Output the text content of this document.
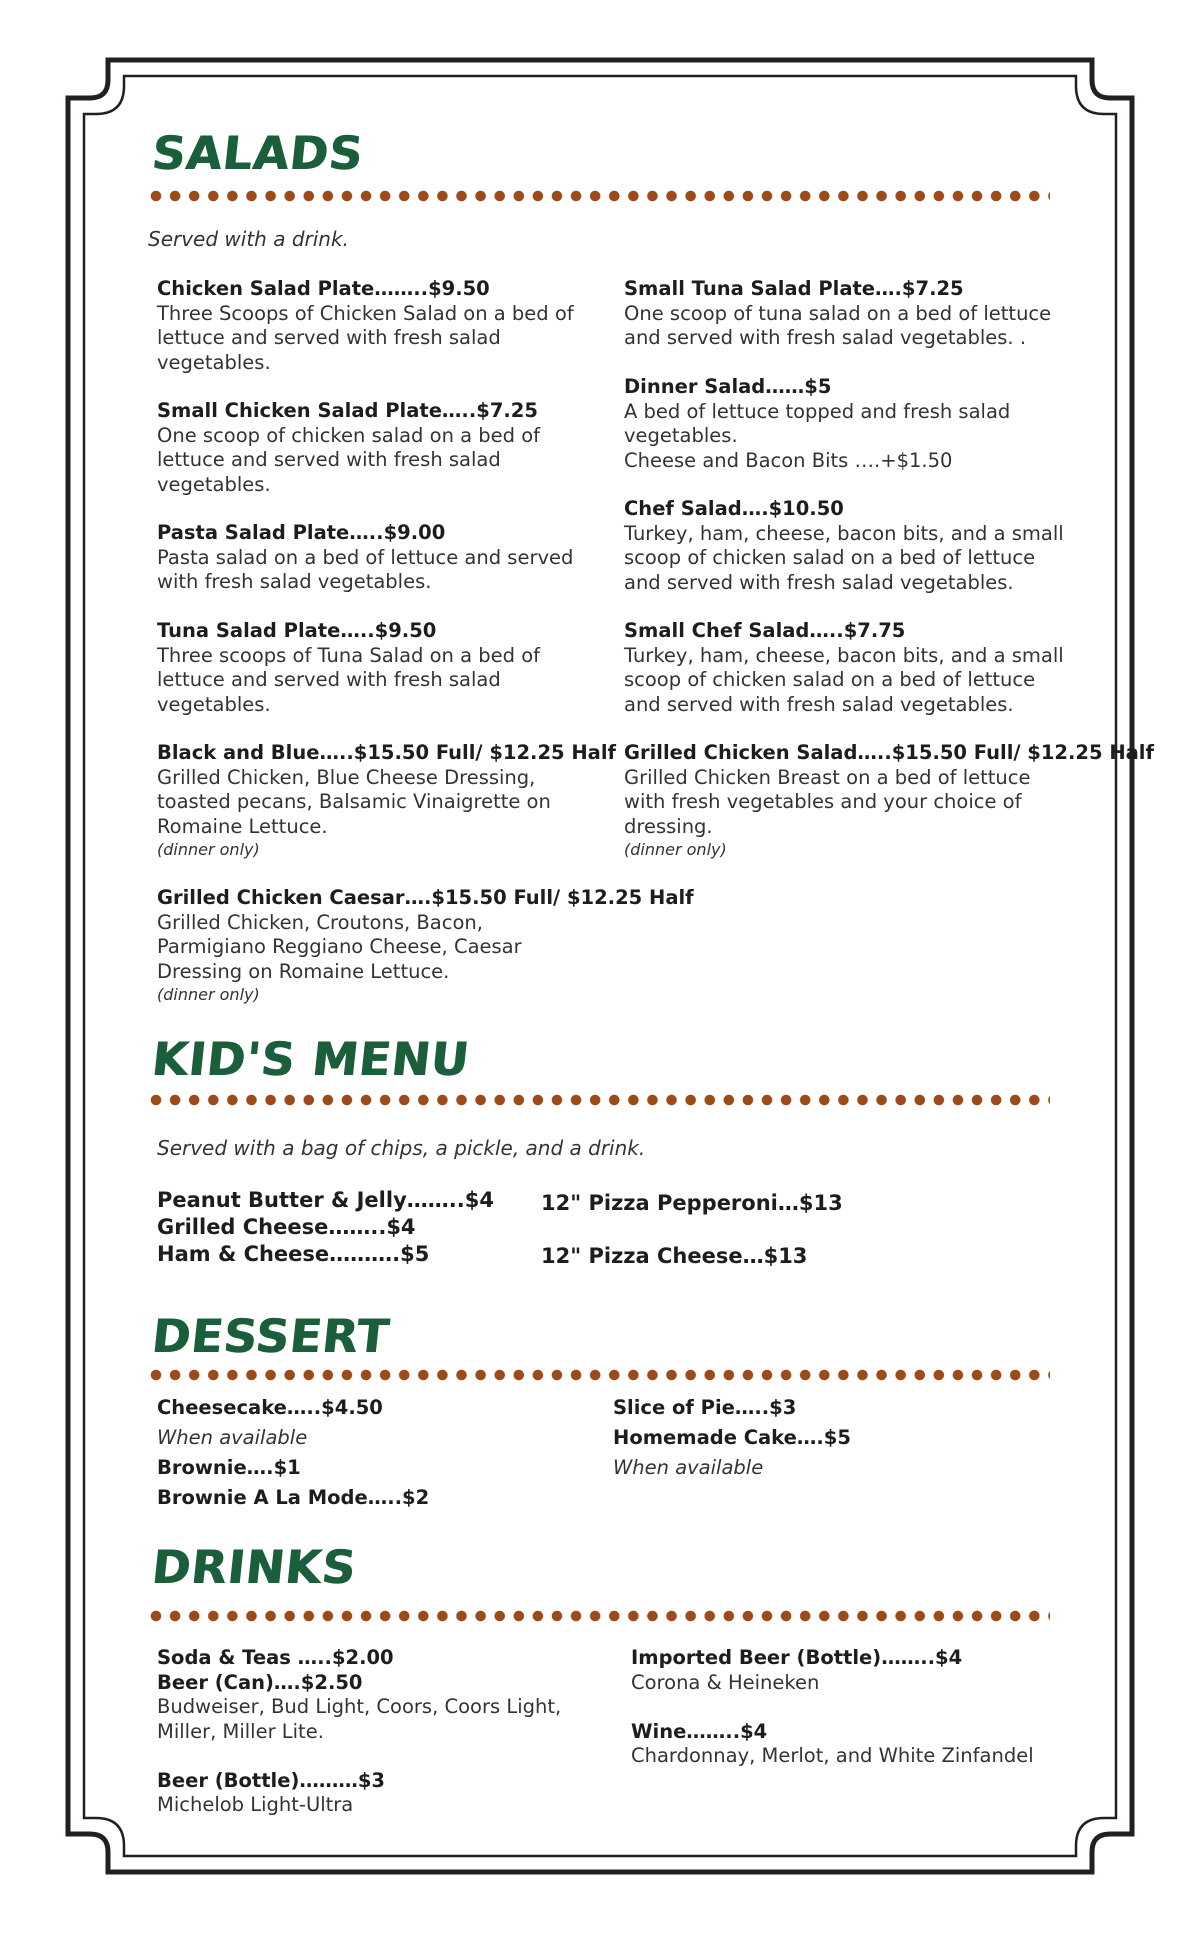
SALADS
Served with a drink.
Chicken Salad Plate……..$9.50
Three Scoops of Chicken Salad on a bed of
lettuce and served with fresh salad
vegetables.
Small Chicken Salad Plate…..$7.25
One scoop of chicken salad on a bed of
lettuce and served with fresh salad
vegetables.
Pasta Salad Plate…..$9.00
Pasta salad on a bed of lettuce and served
with fresh salad vegetables.
Tuna Salad Plate…..$9.50
Three scoops of Tuna Salad on a bed of
lettuce and served with fresh salad
vegetables.
Black and Blue…..$15.50 Full/ $12.25 Half
Grilled Chicken, Blue Cheese Dressing,
toasted pecans, Balsamic Vinaigrette on
Romaine Lettuce.
(dinner only)
Grilled Chicken Caesar….$15.50 Full/ $12.25 Half
Grilled Chicken, Croutons, Bacon,
Parmigiano Reggiano Cheese, Caesar
Dressing on Romaine Lettuce.
(dinner only)
Small Tuna Salad Plate….$7.25
One scoop of tuna salad on a bed of lettuce
and served with fresh salad vegetables. .
Dinner Salad……$5
A bed of lettuce topped and fresh salad
vegetables.
Cheese and Bacon Bits ….+$1.50
Chef Salad….$10.50
Turkey, ham, cheese, bacon bits, and a small
scoop of chicken salad on a bed of lettuce
and served with fresh salad vegetables.
Small Chef Salad…..$7.75
Turkey, ham, cheese, bacon bits, and a small
scoop of chicken salad on a bed of lettuce
and served with fresh salad vegetables.
Grilled Chicken Salad…..$15.50 Full/ $12.25 Half
Grilled Chicken Breast on a bed of lettuce
with fresh vegetables and your choice of
dressing.
(dinner only)
KID'S MENU
Served with a bag of chips, a pickle, and a drink.
Peanut Butter & Jelly……..$4
Grilled Cheese……..$4
Ham & Cheese……….$5
12" Pizza Pepperoni…$13
12" Pizza Cheese…$13
DESSERT
Cheesecake…..$4.50
When available
Brownie….$1
Brownie A La Mode…..$2
Slice of Pie…..$3
Homemade Cake….$5
When available
DRINKS
Soda & Teas …..$2.00
Beer (Can)….$2.50
Budweiser, Bud Light, Coors, Coors Light,
Miller, Miller Lite.
Beer (Bottle)………$3
Michelob Light-Ultra
Imported Beer (Bottle)……..$4
Corona & Heineken
Wine……..$4
Chardonnay, Merlot, and White Zinfandel
